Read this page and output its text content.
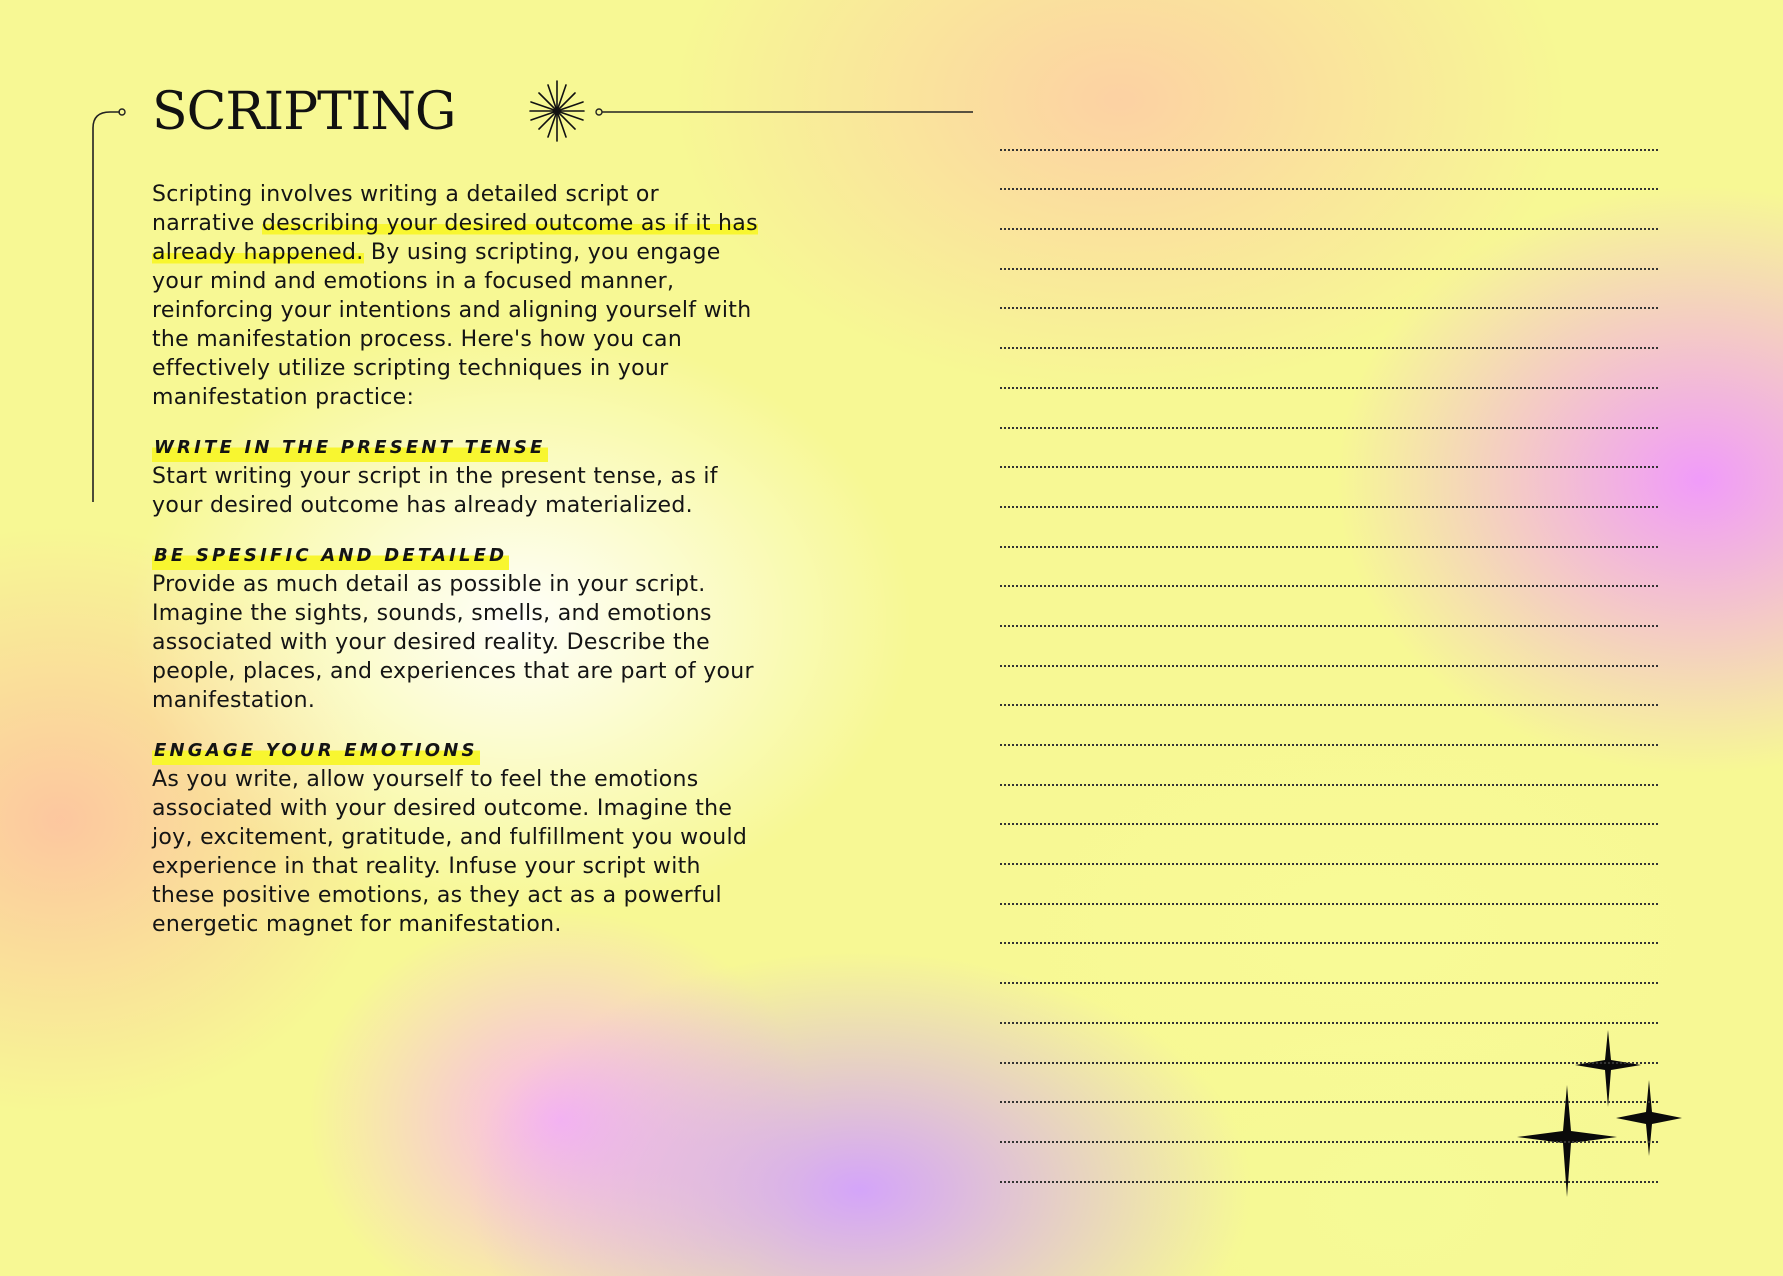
SCRIPTING

Scripting involves writing a detailed script or narrative describing your desired outcome as if it has already happened. By using scripting, you engage your mind and emotions in a focused manner, reinforcing your intentions and aligning yourself with the manifestation process. Here's how you can effectively utilize scripting techniques in your manifestation practice:

WRITE IN THE PRESENT TENSE

Start writing your script in the present tense, as if your desired outcome has already materialized.

BE SPESIFIC AND DETAILED

Provide as much detail as possible in your script. Imagine the sights, sounds, smells, and emotions associated with your desired reality. Describe the people, places, and experiences that are part of your manifestation.

ENGAGE YOUR EMOTIONS

As you write, allow yourself to feel the emotions associated with your desired outcome. Imagine the joy, excitement, gratitude, and fulfillment you would experience in that reality. Infuse your script with these positive emotions, as they act as a powerful energetic magnet for manifestation.
